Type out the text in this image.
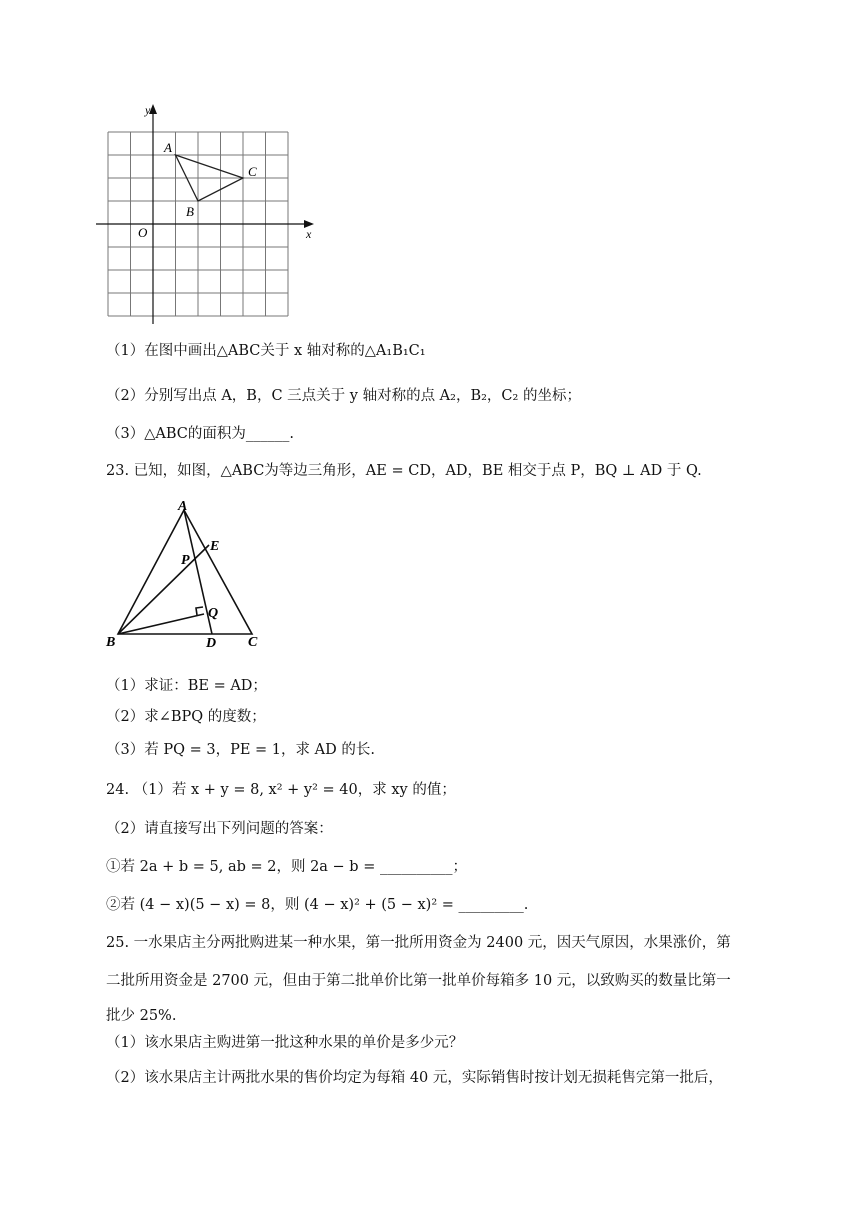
y
x
O
A
B
C
（1）在图中画出△ABC关于 x 轴对称的△A₁B₁C₁
（2）分别写出点 A，B，C 三点关于 y 轴对称的点 A₂，B₂，C₂ 的坐标；
（3）△ABC的面积为______.
23. 已知，如图，△ABC为等边三角形，AE = CD，AD，BE 相交于点 P，BQ ⊥ AD 于 Q.
A
B	C
D
E
P
Q
（1）求证：BE = AD；
（2）求∠BPQ 的度数；
（3）若 PQ = 3，PE = 1，求 AD 的长.
24. （1）若 x + y = 8, x² + y² = 40，求 xy 的值；
（2）请直接写出下列问题的答案：
①若 2a + b = 5, ab = 2，则 2a − b = __________；
②若 (4 − x)(5 − x) = 8，则 (4 − x)² + (5 − x)² = _________.
25. 一水果店主分两批购进某一种水果，第一批所用资金为 2400 元，因天气原因，水果涨价，第
二批所用资金是 2700 元，但由于第二批单价比第一批单价每箱多 10 元，以致购买的数量比第一
批少 25%.
（1）该水果店主购进第一批这种水果的单价是多少元？
（2）该水果店主计两批水果的售价均定为每箱 40 元，实际销售时按计划无损耗售完第一批后，
